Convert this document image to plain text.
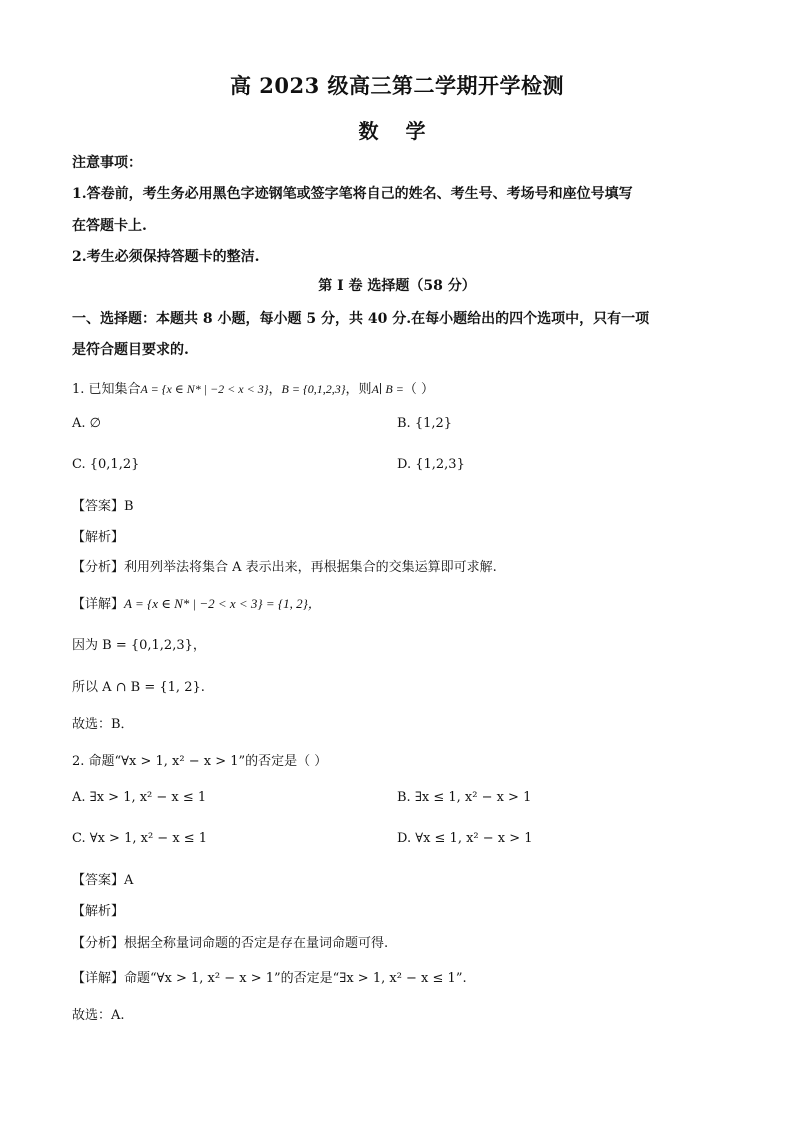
高 2023 级高三第二学期开学检测
数 学
注意事项：
1.答卷前，考生务必用黑色字迹钢笔或签字笔将自己的姓名、考生号、考场号和座位号填写
在答题卡上.
2.考生必须保持答题卡的整洁.
第 I 卷 选择题（58 分）
一、选择题：本题共 8 小题，每小题 5 分，共 40 分.在每小题给出的四个选项中，只有一项
是符合题目要求的.
1. 已知集合A = {x ∈ N* | −2 < x < 3}，B = {0,1,2,3}，则A∣ B =（ ）
A. ∅	B. {1,2}
C. {0,1,2}	D. {1,2,3}
【答案】B
【解析】
【分析】利用列举法将集合 A 表示出来，再根据集合的交集运算即可求解.
【详解】A = {x ∈ N* | −2 < x < 3} = {1, 2}，
因为 B = {0,1,2,3}，
所以 A ∩ B = {1, 2}.
故选：B．
2. 命题“∀x > 1, x² − x > 1”的否定是（ ）
A. ∃x > 1, x² − x ≤ 1	B. ∃x ≤ 1, x² − x > 1
C. ∀x > 1, x² − x ≤ 1	D. ∀x ≤ 1, x² − x > 1
【答案】A
【解析】
【分析】根据全称量词命题的否定是存在量词命题可得.
【详解】命题“∀x > 1, x² − x > 1”的否定是“∃x > 1, x² − x ≤ 1”.
故选：A.
